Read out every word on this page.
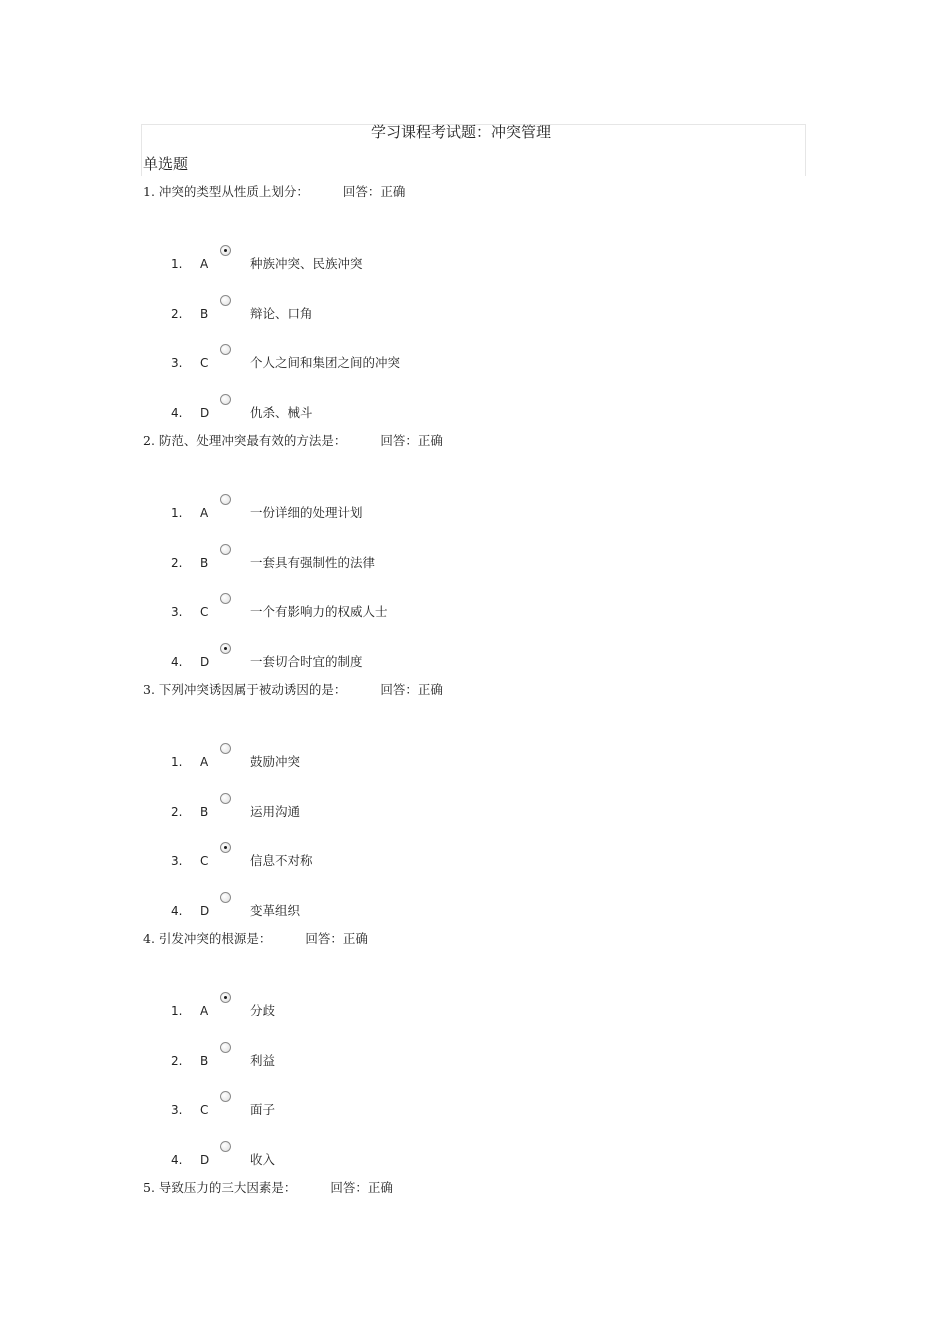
学习课程考试题：冲突管理
单选题
1. 冲突的类型从性质上划分：	回答：正确
1. A	种族冲突、民族冲突
2. B	辩论、口角
3. C	个人之间和集团之间的冲突
4. D	仇杀、械斗
2. 防范、处理冲突最有效的方法是：	回答：正确
1. A	一份详细的处理计划
2. B	一套具有强制性的法律
3. C	一个有影响力的权威人士
4. D	一套切合时宜的制度
3. 下列冲突诱因属于被动诱因的是：	回答：正确
1. A	鼓励冲突
2. B	运用沟通
3. C	信息不对称
4. D	变革组织
4. 引发冲突的根源是：	回答：正确
1. A	分歧
2. B	利益
3. C	面子
4. D	收入
5. 导致压力的三大因素是：	回答：正确
